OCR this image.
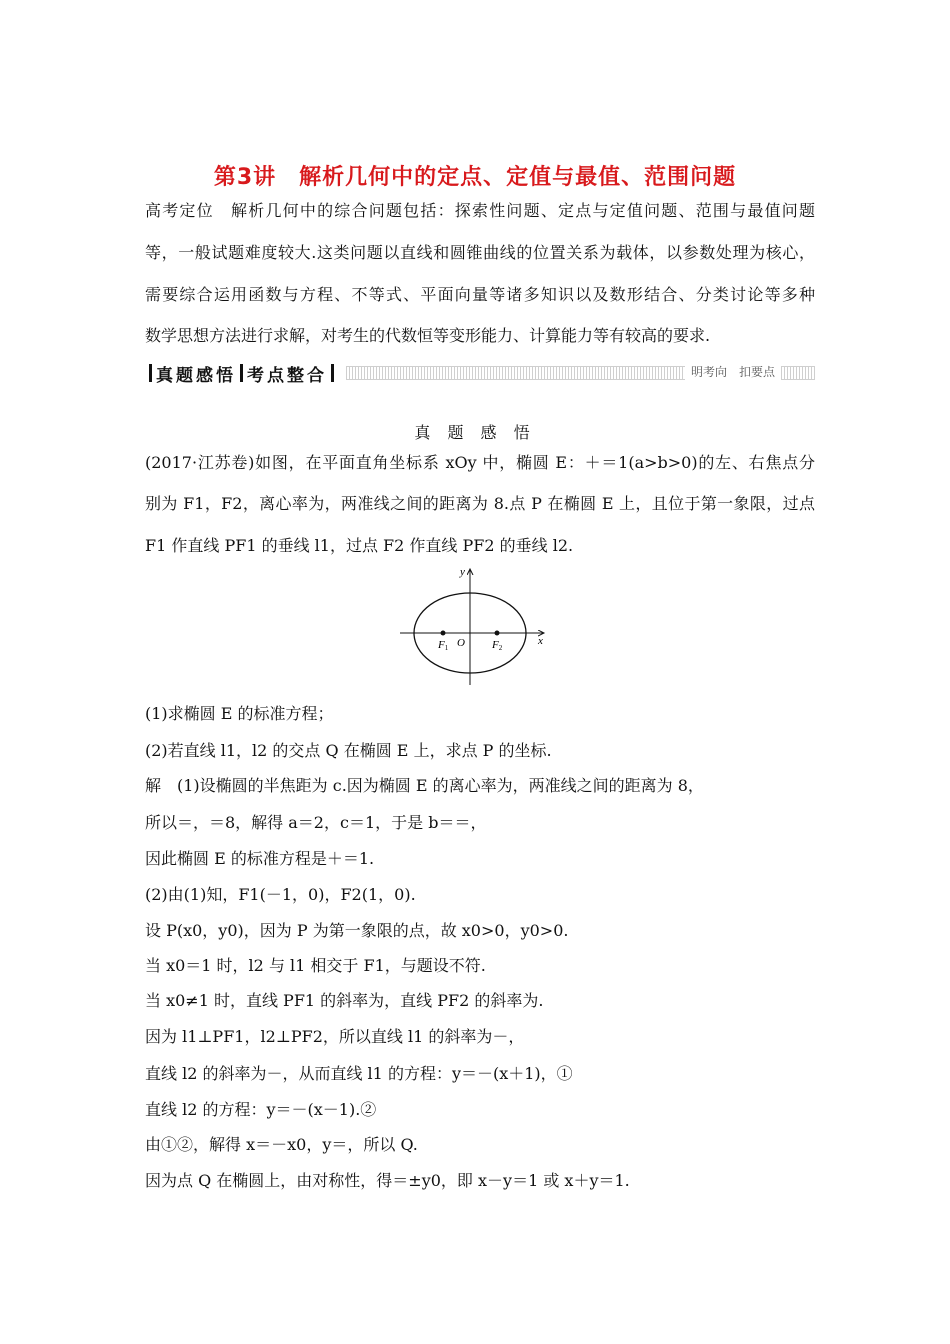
第3讲　解析几何中的定点、定值与最值、范围问题
高考定位　解析几何中的综合问题包括：探索性问题、定点与定值问题、范围与最值问题
等，一般试题难度较大.这类问题以直线和圆锥曲线的位置关系为载体，以参数处理为核心，
需要综合运用函数与方程、不等式、平面向量等诸多知识以及数形结合、分类讨论等多种
数学思想方法进行求解，对考生的代数恒等变形能力、计算能力等有较高的要求.
真题感悟 考点整合	明考向　扣要点
真 题 感 悟
(2017·江苏卷)如图，在平面直角坐标系 xOy 中，椭圆 E：＋＝1(a>b>0)的左、右焦点分
别为 F1，F2，离心率为，两准线之间的距离为 8.点 P 在椭圆 E 上，且位于第一象限，过点
F1 作直线 PF1 的垂线 l1，过点 F2 作直线 PF2 的垂线 l2.
y
x
O
F1	F2
(1)求椭圆 E 的标准方程；
(2)若直线 l1，l2 的交点 Q 在椭圆 E 上，求点 P 的坐标.
解　(1)设椭圆的半焦距为 c.因为椭圆 E 的离心率为，两准线之间的距离为 8，
所以＝，＝8，解得 a＝2，c＝1，于是 b＝＝，
因此椭圆 E 的标准方程是＋＝1.
(2)由(1)知，F1(－1，0)，F2(1，0).
设 P(x0，y0)，因为 P 为第一象限的点，故 x0>0，y0>0.
当 x0＝1 时，l2 与 l1 相交于 F1，与题设不符.
当 x0≠1 时，直线 PF1 的斜率为，直线 PF2 的斜率为.
因为 l1⊥PF1，l2⊥PF2，所以直线 l1 的斜率为－，
直线 l2 的斜率为－，从而直线 l1 的方程：y＝－(x＋1)，①
直线 l2 的方程：y＝－(x－1).②
由①②，解得 x＝－x0，y＝，所以 Q.
因为点 Q 在椭圆上，由对称性，得＝±y0，即 x－y＝1 或 x＋y＝1.
